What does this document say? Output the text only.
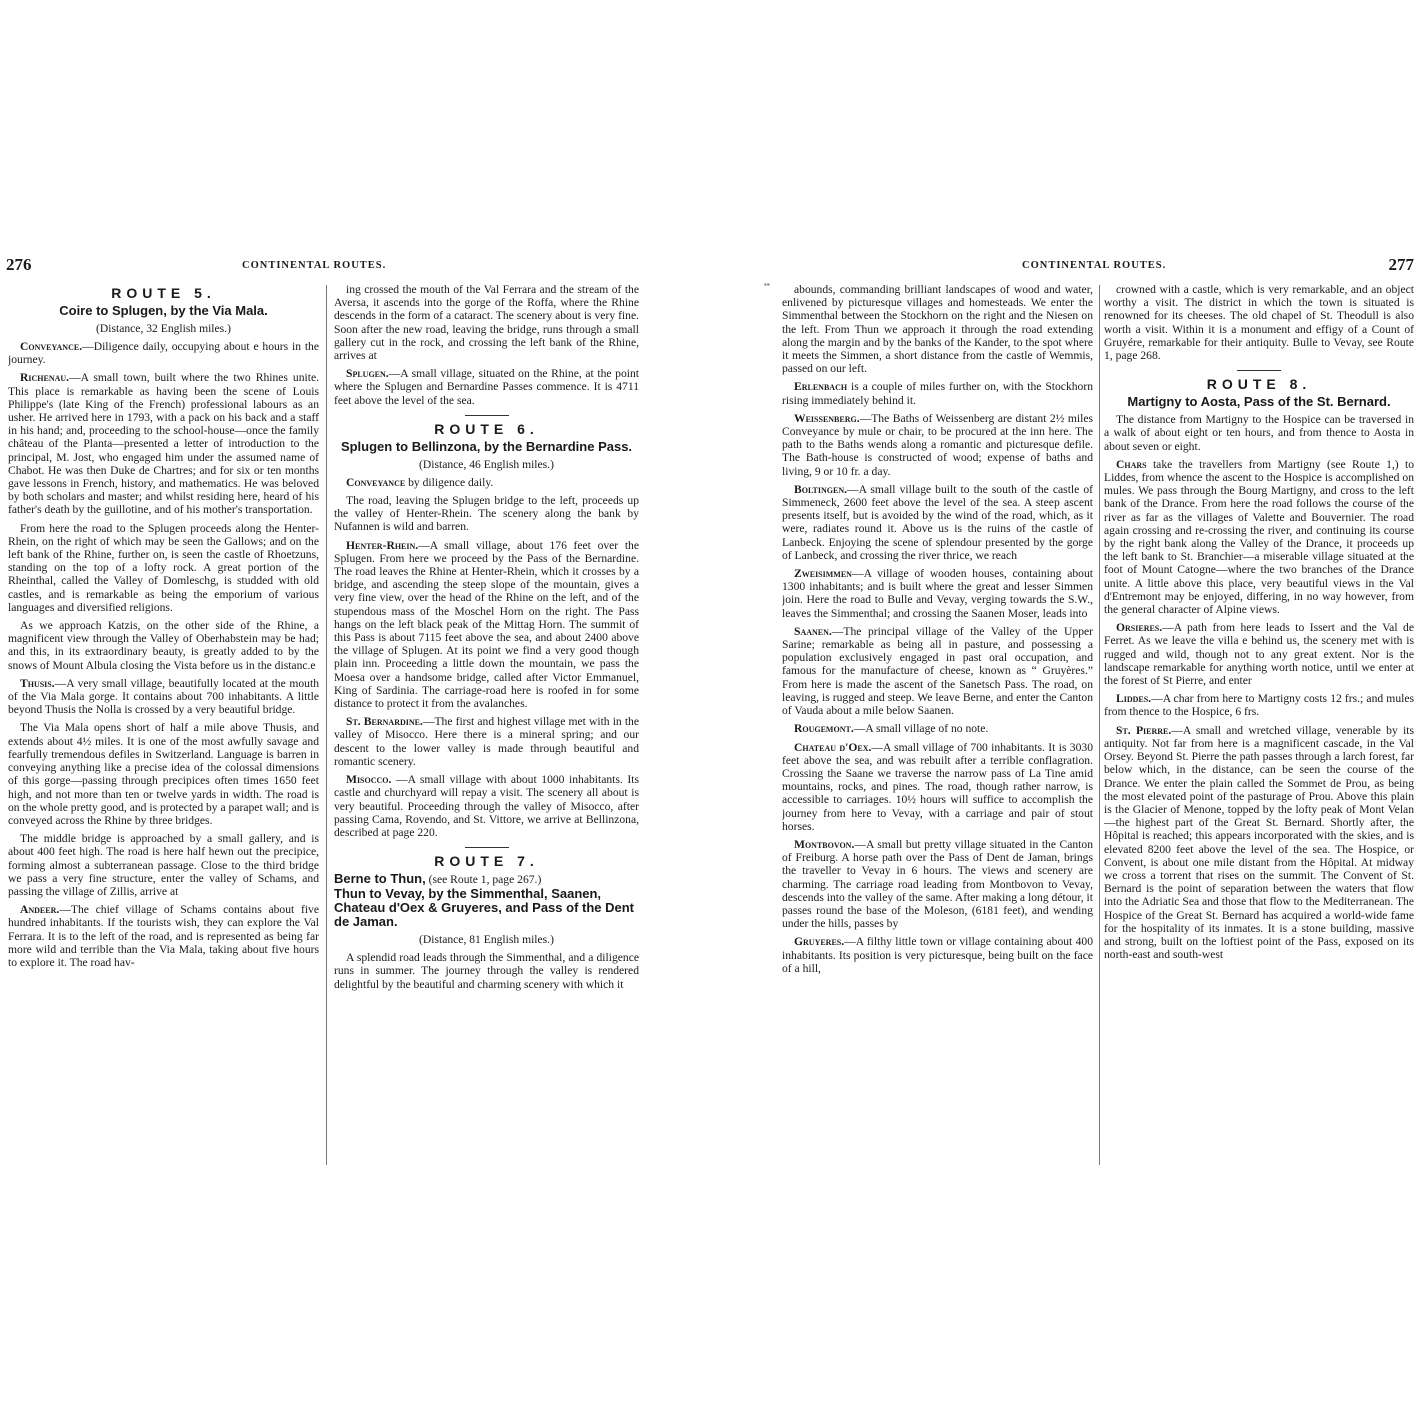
▪▪
276	CONTINENTAL ROUTES.
ROUTE 5.
Coire to Splugen, by the Via Mala.
(Distance, 32 English miles.)

Conveyance.—Diligence daily, occupying about e hours in the journey.

Richenau.—A small town, built where the two Rhines unite. This place is remarkable as having been the scene of Louis Philippe's (late King of the French) professional labours as an usher. He arrived here in 1793, with a pack on his back and a staff in his hand; and, proceeding to the school-house—once the family château of the Planta—presented a letter of introduction to the principal, M. Jost, who engaged him under the assumed name of Chabot. He was then Duke de Chartres; and for six or ten months gave lessons in French, history, and mathematics. He was beloved by both scholars and master; and whilst residing here, heard of his father's death by the guillotine, and of his mother's transportation.

From here the road to the Splugen proceeds along the Henter-Rhein, on the right of which may be seen the Gallows; and on the left bank of the Rhine, further on, is seen the castle of Rhoetzuns, standing on the top of a lofty rock. A great portion of the Rheinthal, called the Valley of Domleschg, is studded with old castles, and is remarkable as being the emporium of various languages and diversified religions.

As we approach Katzis, on the other side of the Rhine, a magnificent view through the Valley of Oberhabstein may be had; and this, in its extraordinary beauty, is greatly added to by the snows of Mount Albula closing the Vista before us in the distanc.e

Thusis.—A very small village, beautifully located at the mouth of the Via Mala gorge. It contains about 700 inhabitants. A little beyond Thusis the Nolla is crossed by a very beautiful bridge.

The Via Mala opens short of half a mile above Thusis, and extends about 4½ miles. It is one of the most awfully savage and fearfully tremendous defiles in Switzerland. Language is barren in conveying anything like a precise idea of the colossal dimensions of this gorge—passing through precipices often times 1650 feet high, and not more than ten or twelve yards in width. The road is on the whole pretty good, and is protected by a parapet wall; and is conveyed across the Rhine by three bridges.

The middle bridge is approached by a small gallery, and is about 400 feet high. The road is here half hewn out the precipice, forming almost a subterranean passage. Close to the third bridge we pass a very fine structure, enter the valley of Schams, and passing the village of Zillis, arrive at

Andeer.—The chief village of Schams contains about five hundred inhabitants. If the tourists wish, they can explore the Val Ferrara. It is to the left of the road, and is represented as being far more wild and terrible than the Via Mala, taking about five hours to explore it. The road hav-

ing crossed the mouth of the Val Ferrara and the stream of the Aversa, it ascends into the gorge of the Roffa, where the Rhine descends in the form of a cataract. The scenery about is very fine. Soon after the new road, leaving the bridge, runs through a small gallery cut in the rock, and crossing the left bank of the Rhine, arrives at

Splugen.—A small village, situated on the Rhine, at the point where the Splugen and Bernardine Passes commence. It is 4711 feet above the level of the sea.

ROUTE 6.
Splugen to Bellinzona, by the Bernardine Pass.
(Distance, 46 English miles.)

Conveyance by diligence daily.

The road, leaving the Splugen bridge to the left, proceeds up the valley of Henter-Rhein. The scenery along the bank by Nufannen is wild and barren.

Henter-Rhein.—A small village, about 176 feet over the Splugen. From here we proceed by the Pass of the Bernardine. The road leaves the Rhine at Henter-Rhein, which it crosses by a bridge, and ascending the steep slope of the mountain, gives a very fine view, over the head of the Rhine on the left, and of the stupendous mass of the Moschel Horn on the right. The Pass hangs on the left black peak of the Mittag Horn. The summit of this Pass is about 7115 feet above the sea, and about 2400 above the village of Splugen. At its point we find a very good though plain inn. Proceeding a little down the mountain, we pass the Moesa over a handsome bridge, called after Victor Emmanuel, King of Sardinia. The carriage-road here is roofed in for some distance to protect it from the avalanches.

St. Bernardine.—The first and highest village met with in the valley of Misocco. Here there is a mineral spring; and our descent to the lower valley is made through beautiful and romantic scenery.

Misocco. —A small village with about 1000 inhabitants. Its castle and churchyard will repay a visit. The scenery all about is very beautiful. Proceeding through the valley of Misocco, after passing Cama, Rovendo, and St. Vittore, we arrive at Bellinzona, described at page 220.

ROUTE 7.
Berne to Thun, (see Route 1, page 267.)
Thun to Vevay, by the Simmenthal, Saanen, Chateau d'Oex & Gruyeres, and Pass of the Dent de Jaman.
(Distance, 81 English miles.)

A splendid road leads through the Simmenthal, and a diligence runs in summer. The journey through the valley is rendered delightful by the beautiful and charming scenery with which it

CONTINENTAL ROUTES.	277

abounds, commanding brilliant landscapes of wood and water, enlivened by picturesque villages and homesteads. We enter the Simmenthal between the Stockhorn on the right and the Niesen on the left. From Thun we approach it through the road extending along the margin and by the banks of the Kander, to the spot where it meets the Simmen, a short distance from the castle of Wemmis, passed on our left.

Erlenbach is a couple of miles further on, with the Stockhorn rising immediately behind it.

Weissenberg.—The Baths of Weissenberg are distant 2½ miles Conveyance by mule or chair, to be procured at the inn here. The path to the Baths wends along a romantic and picturesque defile. The Bath-house is constructed of wood; expense of baths and living, 9 or 10 fr. a day.

Boltingen.—A small village built to the south of the castle of Simmeneck, 2600 feet above the level of the sea. A steep ascent presents itself, but is avoided by the wind of the road, which, as it were, radiates round it. Above us is the ruins of the castle of Lanbeck. Enjoying the scene of splendour presented by the gorge of Lanbeck, and crossing the river thrice, we reach

Zweisimmen—A village of wooden houses, containing about 1300 inhabitants; and is built where the great and lesser Simmen join. Here the road to Bulle and Vevay, verging towards the S.W., leaves the Simmenthal; and crossing the Saanen Moser, leads into

Saanen.—The principal village of the Valley of the Upper Sarine; remarkable as being all in pasture, and possessing a population exclusively engaged in past oral occupation, and famous for the manufacture of cheese, known as “ Gruyères.” From here is made the ascent of the Sanetsch Pass. The road, on leaving, is rugged and steep. We leave Berne, and enter the Canton of Vauda about a mile below Saanen.

Rougemont.—A small village of no note.

Chateau d'Oex.—A small village of 700 inhabitants. It is 3030 feet above the sea, and was rebuilt after a terrible conflagration. Crossing the Saane we traverse the narrow pass of La Tine amid mountains, rocks, and pines. The road, though rather narrow, is accessible to carriages. 10½ hours will suffice to accomplish the journey from here to Vevay, with a carriage and pair of stout horses.

Montbovon.—A small but pretty village situated in the Canton of Freiburg. A horse path over the Pass of Dent de Jaman, brings the traveller to Vevay in 6 hours. The views and scenery are charming. The carriage road leading from Montbovon to Vevay, descends into the valley of the same. After making a long détour, it passes round the base of the Moleson, (6181 feet), and wending under the hills, passes by

Gruyeres.—A filthy little town or village containing about 400 inhabitants. Its position is very picturesque, being built on the face of a hill,

crowned with a castle, which is very remarkable, and an object worthy a visit. The district in which the town is situated is renowned for its cheeses. The old chapel of St. Theodull is also worth a visit. Within it is a monument and effigy of a Count of Gruyére, remarkable for their antiquity. Bulle to Vevay, see Route 1, page 268.

ROUTE 8.
Martigny to Aosta, Pass of the St. Bernard.

The distance from Martigny to the Hospice can be traversed in a walk of about eight or ten hours, and from thence to Aosta in about seven or eight.

Chars take the travellers from Martigny (see Route 1,) to Liddes, from whence the ascent to the Hospice is accomplished on mules. We pass through the Bourg Martigny, and cross to the left bank of the Drance. From here the road follows the course of the river as far as the villages of Valette and Bouvernier. The road again crossing and re-crossing the river, and continuing its course by the right bank along the Valley of the Drance, it proceeds up the left bank to St. Branchier—a miserable village situated at the foot of Mount Catogne—where the two branches of the Drance unite. A little above this place, very beautiful views in the Val d'Entremont may be enjoyed, differing, in no way however, from the general character of Alpine views.

Orsieres.—A path from here leads to Issert and the Val de Ferret. As we leave the villa e behind us, the scenery met with is rugged and wild, though not to any great extent. Nor is the landscape remarkable for anything worth notice, until we enter at the forest of St Pierre, and enter

Liddes.—A char from here to Martigny costs 12 frs.; and mules from thence to the Hospice, 6 frs.

St. Pierre.—A small and wretched village, venerable by its antiquity. Not far from here is a magnificent cascade, in the Val Orsey. Beyond St. Pierre the path passes through a larch forest, far below which, in the distance, can be seen the course of the Drance. We enter the plain called the Sommet de Prou, as being the most elevated point of the pasturage of Prou. Above this plain is the Glacier of Menone, topped by the lofty peak of Mont Velan—the highest part of the Great St. Bernard. Shortly after, the Hôpital is reached; this appears incorporated with the skies, and is elevated 8200 feet above the level of the sea. The Hospice, or Convent, is about one mile distant from the Hôpital. At midway we cross a torrent that rises on the summit. The Convent of St. Bernard is the point of separation between the waters that flow into the Adriatic Sea and those that flow to the Mediterranean. The Hospice of the Great St. Bernard has acquired a world-wide fame for the hospitality of its inmates. It is a stone building, massive and strong, built on the loftiest point of the Pass, exposed on its north-east and south-west
